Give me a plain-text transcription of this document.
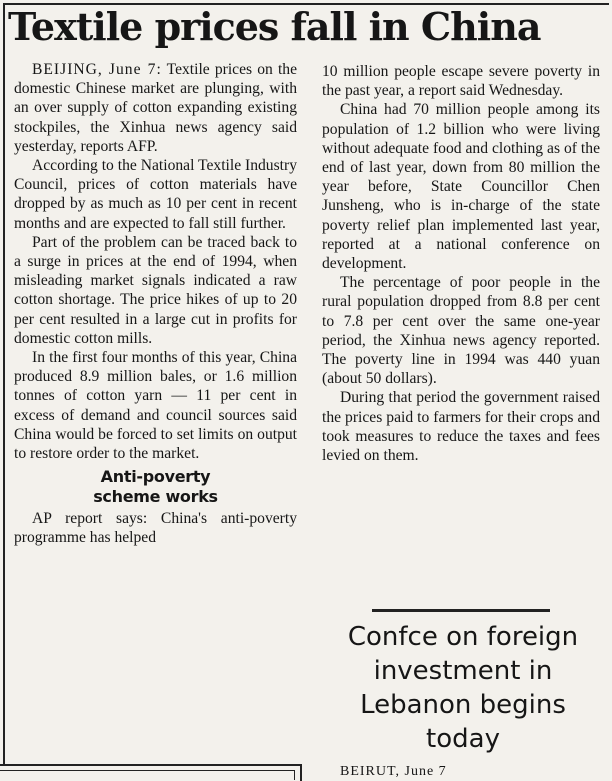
Textile prices fall in China

BEIJING, June 7: Textile prices on the domestic Chinese market are plunging, with an over supply of cotton expanding existing stockpiles, the Xinhua news agency said yesterday, reports AFP.

According to the National Textile Industry Council, prices of cotton materials have dropped by as much as 10 per cent in recent months and are expected to fall still further.

Part of the problem can be traced back to a surge in prices at the end of 1994, when misleading market signals indicated a raw cotton shortage. The price hikes of up to 20 per cent resulted in a large cut in profits for domestic cotton mills.

In the first four months of this year, China produced 8.9 million bales, or 1.6 million tonnes of cotton yarn — 11 per cent in excess of demand and council sources said China would be forced to set limits on output to restore order to the market.

Anti-poverty
scheme works

AP report says: China's anti-poverty programme has helped

10 million people escape severe poverty in the past year, a report said Wednesday.

China had 70 million people among its population of 1.2 billion who were living without adequate food and clothing as of the end of last year, down from 80 million the year before, State Councillor Chen Junsheng, who is in-charge of the state poverty relief plan implemented last year, reported at a national conference on development.

The percentage of poor people in the rural population dropped from 8.8 per cent to 7.8 per cent over the same one-year period, the Xinhua news agency reported. The poverty line in 1994 was 440 yuan (about 50 dollars).

During that period the government raised the prices paid to farmers for their crops and took measures to reduce the taxes and fees levied on them.

Confce on foreign
investment in
Lebanon begins
today
BEIRUT, June 7
